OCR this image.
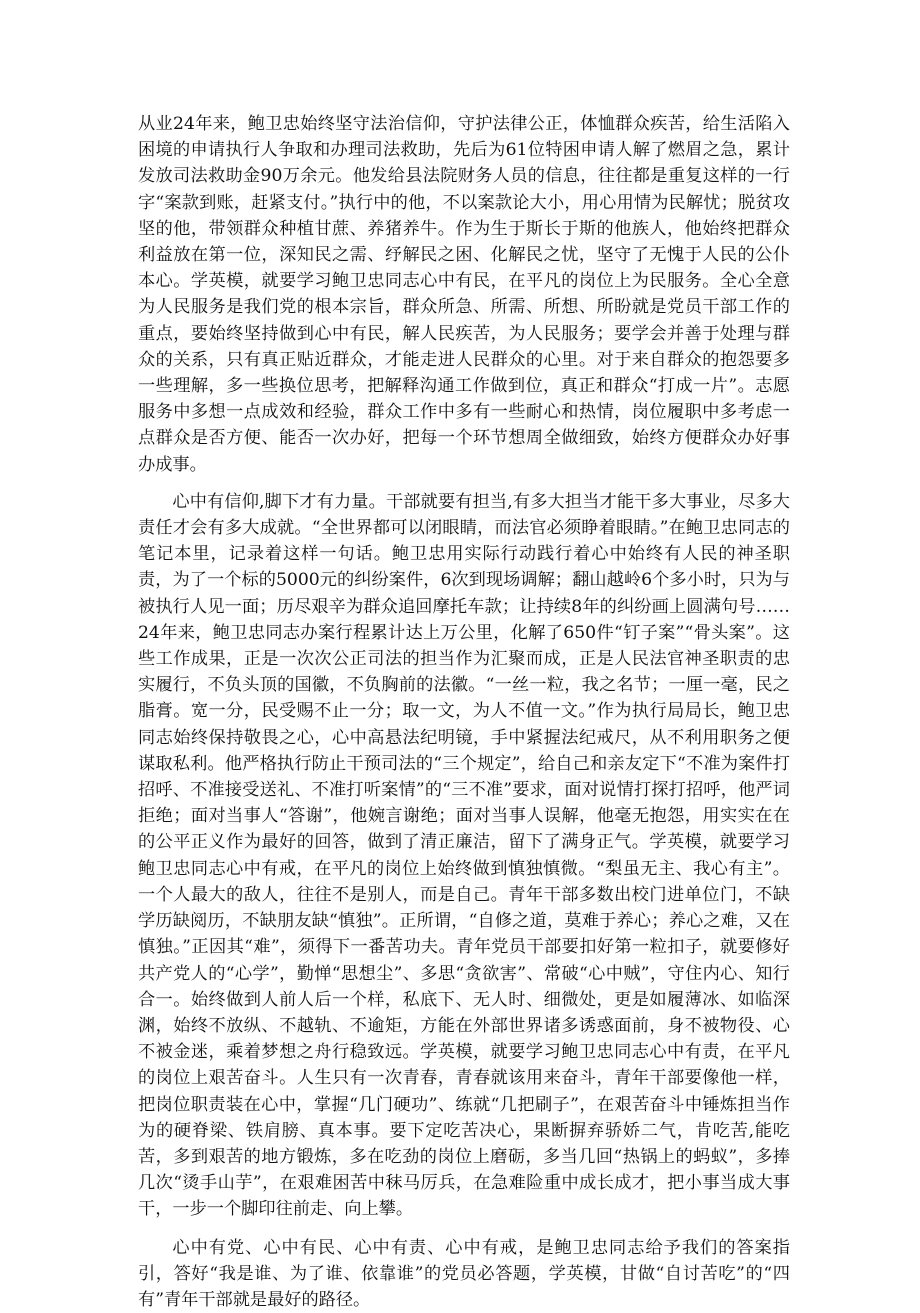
从业24年来，鲍卫忠始终坚守法治信仰，守护法律公正，体恤群众疾苦，给生活陷入困境的申请执行人争取和办理司法救助，先后为61位特困申请人解了燃眉之急，累计发放司法救助金90万余元。他发给县法院财务人员的信息，往往都是重复这样的一行字“案款到账，赶紧支付。”执行中的他，不以案款论大小，用心用情为民解忧；脱贫攻坚的他，带领群众种植甘蔗、养猪养牛。作为生于斯长于斯的他族人，他始终把群众利益放在第一位，深知民之需、纾解民之困、化解民之忧，坚守了无愧于人民的公仆本心。学英模，就要学习鲍卫忠同志心中有民，在平凡的岗位上为民服务。全心全意为人民服务是我们党的根本宗旨，群众所急、所需、所想、所盼就是党员干部工作的重点，要始终坚持做到心中有民，解人民疾苦，为人民服务；要学会并善于处理与群众的关系，只有真正贴近群众，才能走进人民群众的心里。对于来自群众的抱怨要多一些理解，多一些换位思考，把解释沟通工作做到位，真正和群众“打成一片”。志愿服务中多想一点成效和经验，群众工作中多有一些耐心和热情，岗位履职中多考虑一点群众是否方便、能否一次办好，把每一个环节想周全做细致，始终方便群众办好事办成事。

心中有信仰,脚下才有力量。干部就要有担当,有多大担当才能干多大事业，尽多大责任才会有多大成就。“全世界都可以闭眼睛，而法官必须睁着眼睛。”在鲍卫忠同志的笔记本里，记录着这样一句话。鲍卫忠用实际行动践行着心中始终有人民的神圣职责，为了一个标的5000元的纠纷案件，6次到现场调解；翻山越岭6个多小时，只为与被执行人见一面；历尽艰辛为群众追回摩托车款；让持续8年的纠纷画上圆满句号……24年来，鲍卫忠同志办案行程累计达上万公里，化解了650件“钉子案”“骨头案”。这些工作成果，正是一次次公正司法的担当作为汇聚而成，正是人民法官神圣职责的忠实履行，不负头顶的国徽，不负胸前的法徽。“一丝一粒，我之名节；一厘一毫，民之脂膏。宽一分，民受赐不止一分；取一文，为人不值一文。”作为执行局局长，鲍卫忠同志始终保持敬畏之心，心中高悬法纪明镜，手中紧握法纪戒尺，从不利用职务之便谋取私利。他严格执行防止干预司法的“三个规定”，给自己和亲友定下“不准为案件打招呼、不准接受送礼、不准打听案情”的“三不准”要求，面对说情打探打招呼，他严词拒绝；面对当事人“答谢”，他婉言谢绝；面对当事人误解，他毫无抱怨，用实实在在的公平正义作为最好的回答，做到了清正廉洁，留下了满身正气。学英模，就要学习鲍卫忠同志心中有戒，在平凡的岗位上始终做到慎独慎微。“梨虽无主、我心有主”。一个人最大的敌人，往往不是别人，而是自己。青年干部多数出校门进单位门，不缺学历缺阅历，不缺朋友缺“慎独”。正所谓，“自修之道，莫难于养心；养心之难，又在慎独。”正因其“难”，须得下一番苦功夫。青年党员干部要扣好第一粒扣子，就要修好共产党人的“心学”，勤惮“思想尘”、多思“贪欲害”、常破“心中贼”，守住内心、知行合一。始终做到人前人后一个样，私底下、无人时、细微处，更是如履薄冰、如临深渊，始终不放纵、不越轨、不逾矩，方能在外部世界诸多诱惑面前，身不被物役、心不被金迷，乘着梦想之舟行稳致远。学英模，就要学习鲍卫忠同志心中有责，在平凡的岗位上艰苦奋斗。人生只有一次青春，青春就该用来奋斗，青年干部要像他一样，把岗位职责装在心中，掌握“几门硬功”、练就“几把刷子”，在艰苦奋斗中锤炼担当作为的硬脊梁、铁肩膀、真本事。要下定吃苦决心，果断摒弃骄娇二气，肯吃苦,能吃苦，多到艰苦的地方锻炼，多在吃劲的岗位上磨砺，多当几回“热锅上的蚂蚁”，多捧几次“烫手山芋”，在艰难困苦中秣马厉兵，在急难险重中成长成才，把小事当成大事干，一步一个脚印往前走、向上攀。

心中有党、心中有民、心中有责、心中有戒，是鲍卫忠同志给予我们的答案指引，答好“我是谁、为了谁、依靠谁”的党员必答题，学英模，甘做“自讨苦吃”的“四有”青年干部就是最好的路径。
